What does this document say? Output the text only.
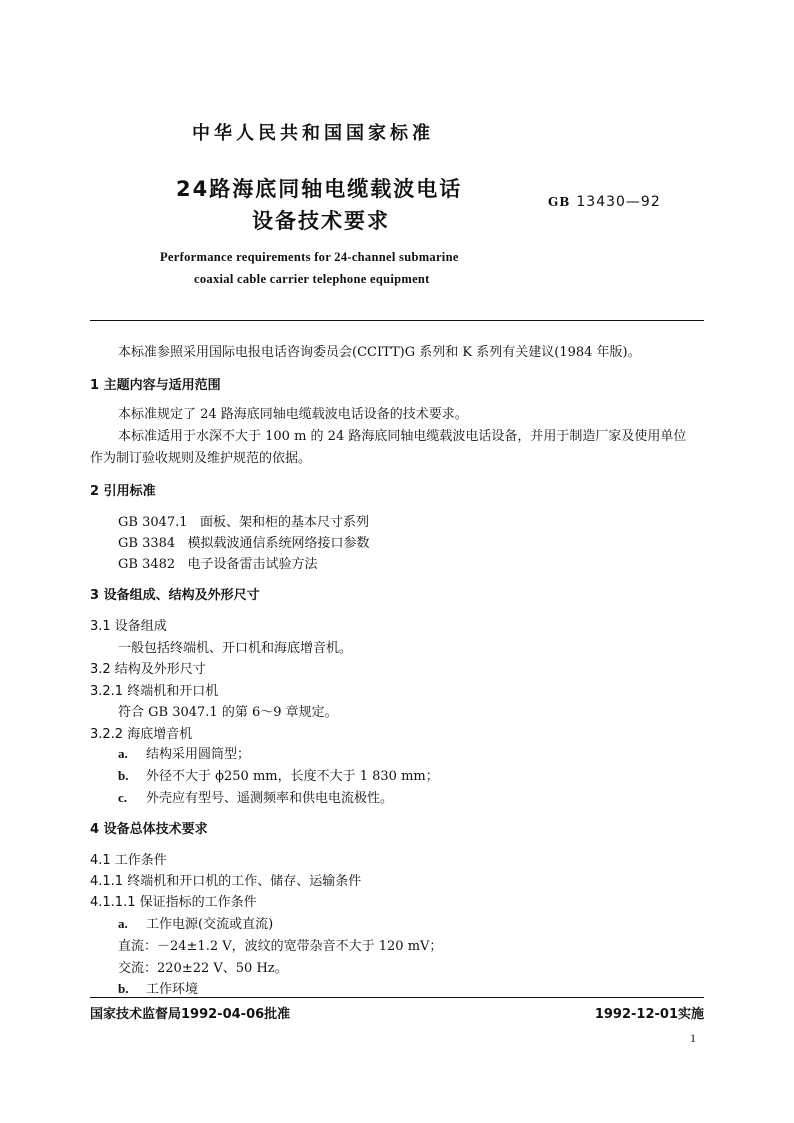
中华人民共和国国家标准
24路海底同轴电缆载波电话
设备技术要求
GB 13430—92
Performance requirements for 24-channel submarine
coaxial cable carrier telephone equipment
本标准参照采用国际电报电话咨询委员会(CCITT)G 系列和 K 系列有关建议(1984 年版)。
1 主题内容与适用范围
本标准规定了 24 路海底同轴电缆载波电话设备的技术要求。
本标准适用于水深不大于 100 m 的 24 路海底同轴电缆载波电话设备，并用于制造厂家及使用单位
作为制订验收规则及维护规范的依据。
2 引用标准
GB 3047.1   面板、架和柜的基本尺寸系列
GB 3384   模拟载波通信系统网络接口参数
GB 3482   电子设备雷击试验方法
3 设备组成、结构及外形尺寸
3.1 设备组成
一般包括终端机、开口机和海底增音机。
3.2 结构及外形尺寸
3.2.1 终端机和开口机
符合 GB 3047.1 的第 6～9 章规定。
3.2.2 海底增音机
a. 结构采用圆筒型；
b. 外径不大于 ϕ250 mm，长度不大于 1 830 mm；
c. 外壳应有型号、遥测频率和供电电流极性。
4 设备总体技术要求
4.1 工作条件
4.1.1 终端机和开口机的工作、储存、运输条件
4.1.1.1 保证指标的工作条件
a. 工作电源(交流或直流)
直流：－24±1.2 V，波纹的宽带杂音不大于 120 mV；
交流：220±22 V、50 Hz。
b. 工作环境
国家技术监督局1992-04-06批准	1992-12-01实施
1
